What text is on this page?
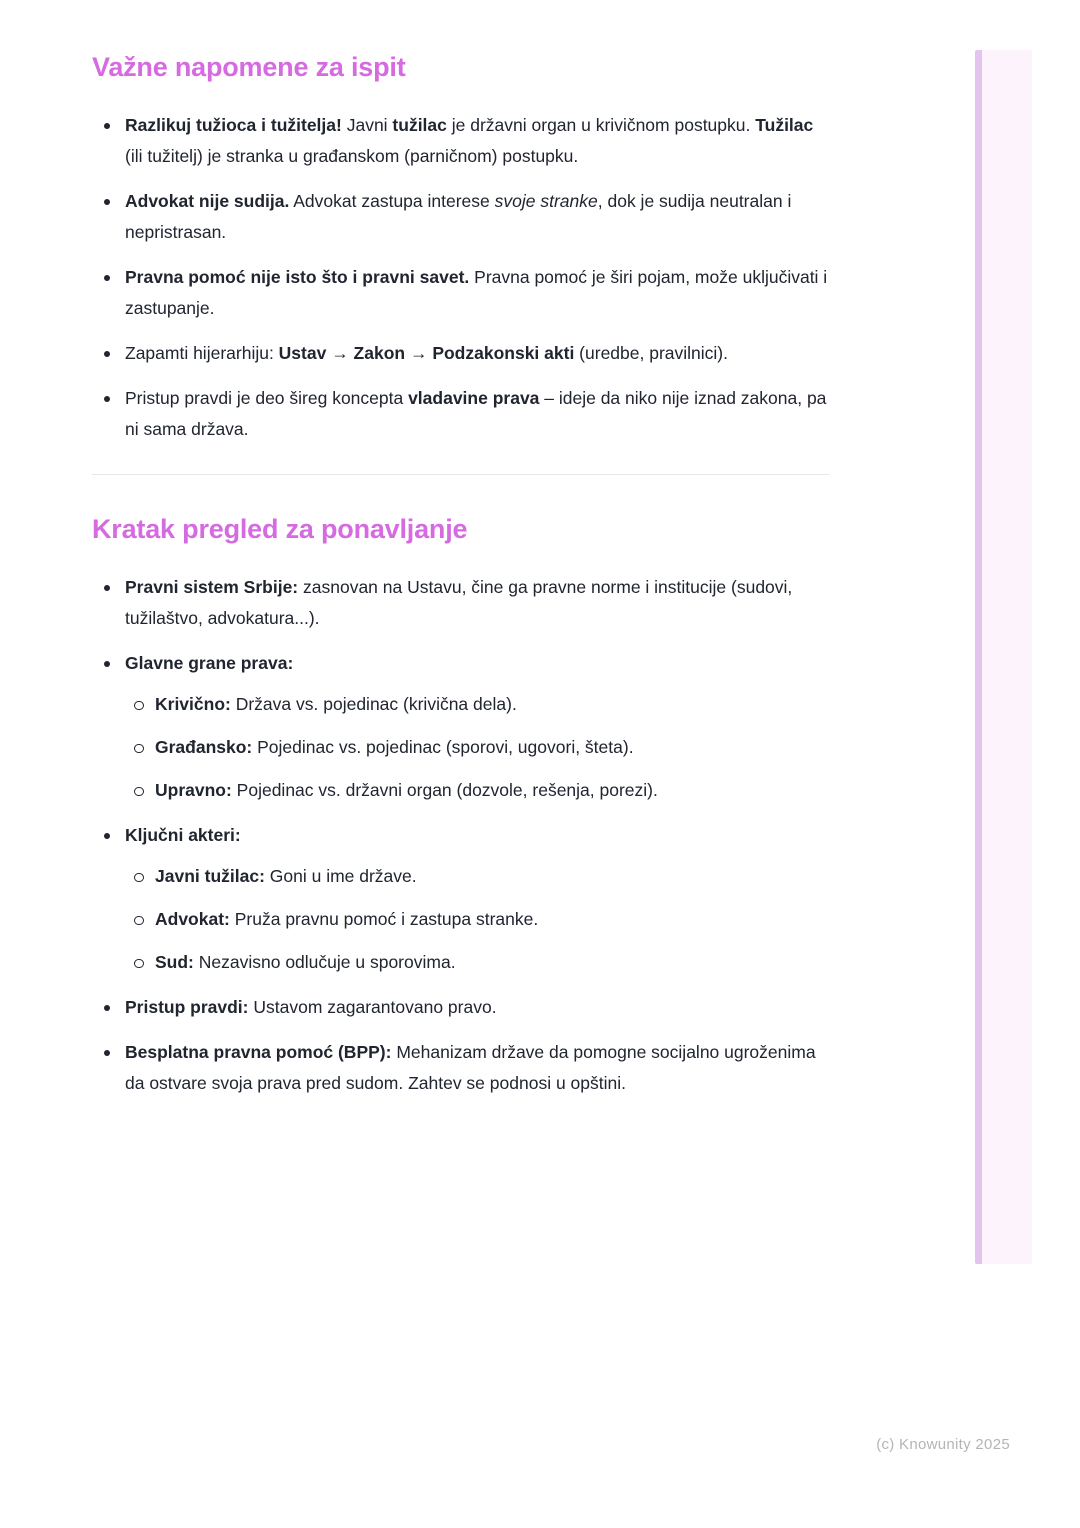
Važne napomene za ispit
Razlikuj tužioca i tužitelja! Javni tužilac je državni organ u krivičnom postupku. Tužilac (ili tužitelj) je stranka u građanskom (parničnom) postupku.
Advokat nije sudija. Advokat zastupa interese svoje stranke, dok je sudija neutralan i nepristrasan.
Pravna pomoć nije isto što i pravni savet. Pravna pomoć je širi pojam, može uključivati i zastupanje.
Zapamti hijerarhiju: Ustav → Zakon → Podzakonski akti (uredbe, pravilnici).
Pristup pravdi je deo šireg koncepta vladavine prava – ideje da niko nije iznad zakona, pa ni sama država.
Kratak pregled za ponavljanje
Pravni sistem Srbije: zasnovan na Ustavu, čine ga pravne norme i institucije (sudovi, tužilaštvo, advokatura...).
Glavne grane prava:
Krivično: Država vs. pojedinac (krivična dela).
Građansko: Pojedinac vs. pojedinac (sporovi, ugovori, šteta).
Upravno: Pojedinac vs. državni organ (dozvole, rešenja, porezi).
Ključni akteri:
Javni tužilac: Goni u ime države.
Advokat: Pruža pravnu pomoć i zastupa stranke.
Sud: Nezavisno odlučuje u sporovima.
Pristup pravdi: Ustavom zagarantovano pravo.
Besplatna pravna pomoć (BPP): Mehanizam države da pomogne socijalno ugroženima da ostvare svoja prava pred sudom. Zahtev se podnosi u opštini.
(c) Knowunity 2025
